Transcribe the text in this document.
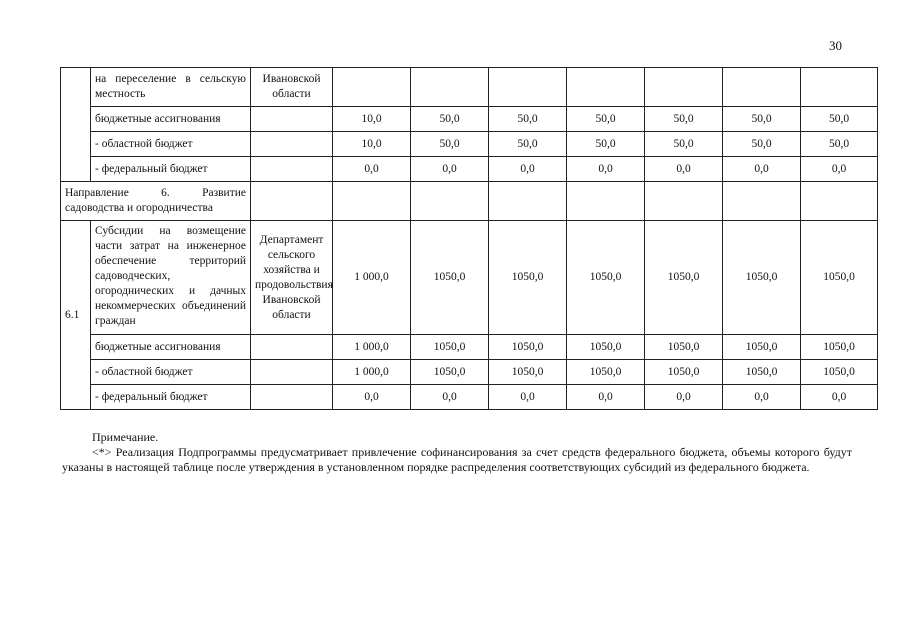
30
	на переселение в сельскую местность	Ивановской области							
	бюджетные ассигнования		10,0	50,0	50,0	50,0	50,0	50,0	50,0
	- областной бюджет		10,0	50,0	50,0	50,0	50,0	50,0	50,0
	- федеральный бюджет		0,0	0,0	0,0	0,0	0,0	0,0	0,0
Направление 6. Развитие садоводства и огородничества									
6.1	Субсидии на возмещение части затрат на инженерное обеспечение территорий садоводческих, огороднических и дачных некоммерческих объединений граждан	Департамент сельского хозяйства и продовольствия Ивановской области	1 000,0	1050,0	1050,0	1050,0	1050,0	1050,0	1050,0
	бюджетные ассигнования		1 000,0	1050,0	1050,0	1050,0	1050,0	1050,0	1050,0
	- областной бюджет		1 000,0	1050,0	1050,0	1050,0	1050,0	1050,0	1050,0
	- федеральный бюджет		0,0	0,0	0,0	0,0	0,0	0,0	0,0

Примечание.

<*> Реализация Подпрограммы предусматривает привлечение софинансирования за счет средств федерального бюджета, объемы которого будут указаны в настоящей таблице после утверждения в установленном порядке распределения соответствующих субсидий из федерального бюджета.
